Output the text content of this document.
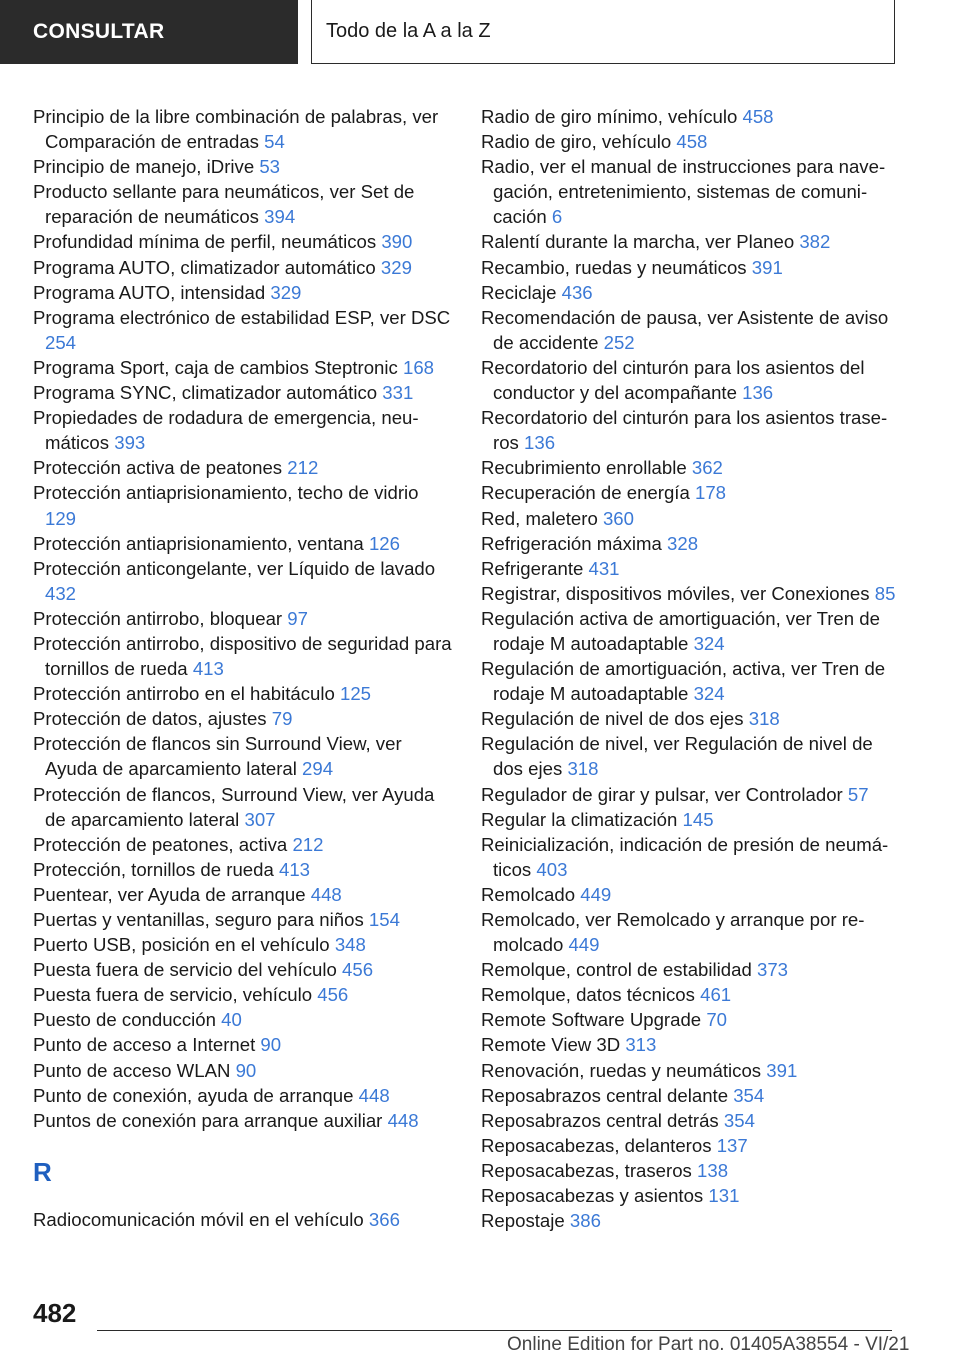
CONSULTAR	Todo de la A a la Z
Principio de la libre combinación de palabras, ver Comparación de entradas 54
Principio de manejo, iDrive 53
Producto sellante para neumáticos, ver Set de reparación de neumáticos 394
Profundidad mínima de perfil, neumáticos 390
Programa AUTO, climatizador automático 329
Programa AUTO, intensidad 329
Programa electrónico de estabilidad ESP, ver DSC 254
Programa Sport, caja de cambios Steptronic 168
Programa SYNC, climatizador automático 331
Propiedades de rodadura de emergencia, neumáticos 393
Protección activa de peatones 212
Protección antiaprisionamiento, techo de vidrio 129
Protección antiaprisionamiento, ventana 126
Protección anticongelante, ver Líquido de lavado 432
Protección antirrobo, bloquear 97
Protección antirrobo, dispositivo de seguridad para tornillos de rueda 413
Protección antirrobo en el habitáculo 125
Protección de datos, ajustes 79
Protección de flancos sin Surround View, ver Ayuda de aparcamiento lateral 294
Protección de flancos, Surround View, ver Ayuda de aparcamiento lateral 307
Protección de peatones, activa 212
Protección, tornillos de rueda 413
Puentear, ver Ayuda de arranque 448
Puertas y ventanillas, seguro para niños 154
Puerto USB, posición en el vehículo 348
Puesta fuera de servicio del vehículo 456
Puesta fuera de servicio, vehículo 456
Puesto de conducción 40
Punto de acceso a Internet 90
Punto de acceso WLAN 90
Punto de conexión, ayuda de arranque 448
Puntos de conexión para arranque auxiliar 448
R
Radiocomunicación móvil en el vehículo 366
Radio de giro mínimo, vehículo 458
Radio de giro, vehículo 458
Radio, ver el manual de instrucciones para navegación, entretenimiento, sistemas de comunicación 6
Ralentí durante la marcha, ver Planeo 382
Recambio, ruedas y neumáticos 391
Reciclaje 436
Recomendación de pausa, ver Asistente de aviso de accidente 252
Recordatorio del cinturón para los asientos del conductor y del acompañante 136
Recordatorio del cinturón para los asientos traseros 136
Recubrimiento enrollable 362
Recuperación de energía 178
Red, maletero 360
Refrigeración máxima 328
Refrigerante 431
Registrar, dispositivos móviles, ver Conexiones 85
Regulación activa de amortiguación, ver Tren de rodaje M autoadaptable 324
Regulación de amortiguación, activa, ver Tren de rodaje M autoadaptable 324
Regulación de nivel de dos ejes 318
Regulación de nivel, ver Regulación de nivel de dos ejes 318
Regulador de girar y pulsar, ver Controlador 57
Regular la climatización 145
Reinicialización, indicación de presión de neumáticos 403
Remolcado 449
Remolcado, ver Remolcado y arranque por remolcado 449
Remolque, control de estabilidad 373
Remolque, datos técnicos 461
Remote Software Upgrade 70
Remote View 3D 313
Renovación, ruedas y neumáticos 391
Reposabrazos central delante 354
Reposabrazos central detrás 354
Reposacabezas, delanteros 137
Reposacabezas, traseros 138
Reposacabezas y asientos 131
Repostaje 386
482
Online Edition for Part no. 01405A38554 - VI/21
